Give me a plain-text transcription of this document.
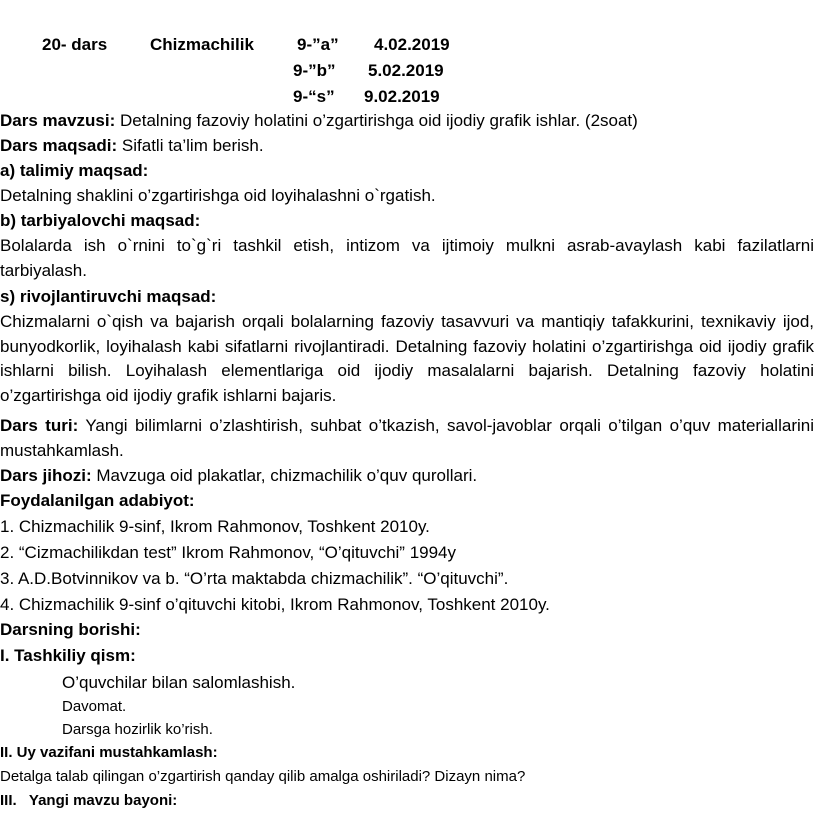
20- dars	Chizmachilik	9-”a” 4.02.2019
9-”b” 5.02.2019
9-“s” 9.02.2019
Dars mavzusi: Detalning fazoviy holatini o’zgartirishga oid ijodiy grafik ishlar. (2soat)
Dars maqsadi: Sifatli ta’lim berish.
a) talimiy maqsad:
Detalning shaklini o’zgartirishga oid loyihalashni o`rgatish.
b) tarbiyalovchi maqsad:
Bolalarda ish o`rnini to`g`ri tashkil etish, intizom va ijtimoiy mulkni asrab-avaylash kabi fazilatlarni tarbiyalash.
s) rivojlantiruvchi maqsad:
Chizmalarni o`qish va bajarish orqali bolalarning fazoviy tasavvuri va mantiqiy tafakkurini, texnikaviy ijod, bunyodkorlik, loyihalash kabi sifatlarni rivojlantiradi. Detalning fazoviy holatini o’zgartirishga oid ijodiy grafik ishlarni bilish. Loyihalash elementlariga oid ijodiy masalalarni bajarish. Detalning fazoviy holatini o’zgartirishga oid ijodiy grafik ishlarni bajaris.
Dars turi: Yangi bilimlarni o’zlashtirish, suhbat o’tkazish, savol-javoblar orqali o’tilgan o’quv materiallarini mustahkamlash.
Dars jihozi: Mavzuga oid plakatlar, chizmachilik o’quv qurollari.
Foydalanilgan adabiyot:
1. Chizmachilik 9-sinf, Ikrom Rahmonov, Toshkent 2010y.
2. “Cizmachilikdan test” Ikrom Rahmonov, “O’qituvchi” 1994y
3. A.D.Botvinnikov va b. “O’rta maktabda chizmachilik”. “O’qituvchi”.
4. Chizmachilik 9-sinf o’qituvchi kitobi, Ikrom Rahmonov, Toshkent 2010y.
Darsning borishi:
I. Tashkiliy qism:
O’quvchilar bilan salomlashish.
Davomat.
Darsga hozirlik ko’rish.
II. Uy vazifani mustahkamlash:
Detalga talab qilingan o’zgartirish qanday qilib amalga oshiriladi? Dizayn nima?
III.   Yangi mavzu bayoni:
